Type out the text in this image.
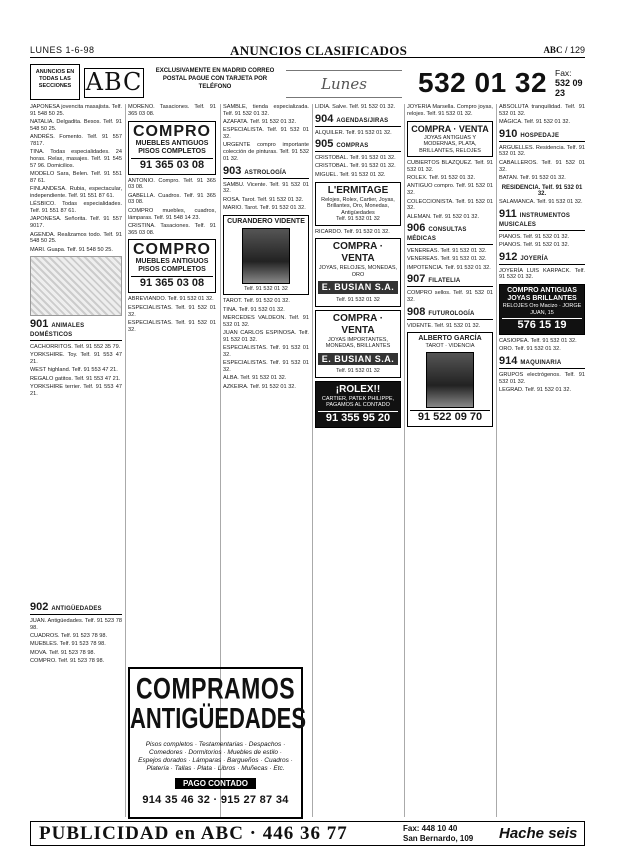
LUNES 1-6-98	ANUNCIOS CLASIFICADOS	ABC / 129
ANUNCIOS EN TODAS LAS SECCIONES ABC	EXCLUSIVAMENTE EN MADRID CORREO POSTAL PAGUE CON TARJETA POR TELÉFONO	Lunes	532 01 32 Fax:
532 09 23

JAPONESA jovencita masajista. Telf. 91 548 50 25.

NATALIA. Delgadita. Besos. Telf. 91 548 50 25.

ANDRÉS. Fomento. Telf. 91 557 7817.

TINA. Todas especialidades. 24 horas. Relax, masajes. Telf. 91 545 57 96. Domicilios.

MODELO Sara, Belen. Telf. 91 551 87 61.

FINLANDESA. Rubia, espectacular, independiente. Telf. 91 551 87 61.

LÉSBICO. Todas especialidades. Telf. 91 551 87 61.

JAPONESA. Señorita. Telf. 91 557 9017.

AGENDA. Realizamos todo. Telf. 91 548 50 25.

MARI. Guapa. Telf. 91 548 50 25.

901 ANIMALES DOMÉSTICOS

CACHORRITOS. Telf. 91 552 35 79.

YORKSHIRE. Toy. Telf. 91 553 47 21.

WEST highland. Telf. 91 553 47 21.

REGALO gatitos. Telf. 91 553 47 21.

YORKSHIRE terrier. Telf. 91 553 47 21.

902 ANTIGÜEDADES

JUAN. Antigüedades. Telf. 91 523 78 98.

CUADROS. Telf. 91 523 78 98.

MUEBLES. Telf. 91 523 78 98.

MOVA. Telf. 91 523 78 98.

COMPRO. Telf. 91 523 78 98.

MORENO. Tasaciones. Telf. 91 365 03 08.

COMPRO
MUEBLES ANTIGUOS
PISOS COMPLETOS
91 365 03 08

ANTONIO. Compro. Telf. 91 365 03 08.

GABELLA. Cuadros. Telf. 91 365 03 08.

COMPRO muebles, cuadros, lámparas. Telf. 91 548 14 23.

CRISTINA. Tasaciones. Telf. 91 365 03 08.

COMPRO
MUEBLES ANTIGUOS
PISOS COMPLETOS
91 365 03 08

ABREVIANDO. Telf. 91 532 01 32.

ESPECIALISTAS. Telf. 91 532 01 32.

ESPECIALISTAS. Telf. 91 532 01 32.

SAMBLE, tienda especializada. Telf. 91 532 01 32.

AZAFATA. Telf. 91 532 01 32.

ESPECIALISTA. Telf. 91 532 01 32.

URGENTE compro importante colección de pinturas. Telf. 91 532 01 32.

903 ASTROLOGÍA

SAMBU. Vicente. Telf. 91 532 01 32.

ROSA. Tarot. Telf. 91 532 01 32.

MARIO. Tarot. Telf. 91 532 01 32.

CURANDERO VIDENTE
Telf. 91 532 01 32

TAROT. Telf. 91 532 01 32.

TINA. Telf. 91 532 01 32.

MERCEDES VALDEON. Telf. 91 532 01 32.

JUAN CARLOS ESPINOSA. Telf. 91 532 01 32.

ESPECIALISTAS. Telf. 91 532 01 32.

ESPECIALISTAS. Telf. 91 532 01 32.

ALBA. Telf. 91 532 01 32.

AZKEIRA. Telf. 91 532 01 32.

COMPRAMOS
ANTIGÜEDADES
Pisos completos · Testamentarias · Despachos · Comedores · Dormitorios · Muebles de estilo · Espejos dorados · Lámparas · Bargueños · Cuadros · Platería · Tallas · Plata · Libros · Muñecas · Etc.
PAGO CONTADO
914 35 46 32 · 915 27 87 34

LIDIA. Salve. Telf. 91 532 01 32.

904 AGENDAS/JIRAS

ALQUILER. Telf. 91 532 01 32.

905 COMPRAS

CRISTOBAL. Telf. 91 532 01 32.

CRISTOBAL. Telf. 91 532 01 32.

MIGUEL. Telf. 91 532 01 32.

L'ERMITAGE
Relojes, Rolex, Cartier, Joyas, Brillantes, Oro, Monedas, Antigüedades
Telf. 91 532 01 32

RICARDO. Telf. 91 532 01 32.

COMPRA · VENTA
JOYAS, RELOJES, MONEDAS, ORO
E. BUSIAN S.A.
Telf. 91 532 01 32
COMPRA · VENTA
JOYAS IMPORTANTES, MONEDAS, BRILLANTES
E. BUSIAN S.A.
Telf. 91 532 01 32
¡ROLEX!!
CARTIER, PATEK PHILIPPE, PAGAMOS AL CONTADO
91 355 95 20

JOYERÍA Marsella. Compro joyas, relojes. Telf. 91 532 01 32.

COMPRA · VENTA
JOYAS ANTIGUAS Y MODERNAS, PLATA, BRILLANTES, RELOJES

CUBIERTOS BLAZQUEZ. Telf. 91 532 01 32.

ROLEX. Telf. 91 532 01 32.

ANTIGUO compro. Telf. 91 532 01 32.

COLECCIONISTA. Telf. 91 532 01 32.

ALEMAN. Telf. 91 532 01 32.

906 CONSULTAS MÉDICAS

VENEREAS. Telf. 91 532 01 32.

VENEREAS. Telf. 91 532 01 32.

IMPOTENCIA. Telf. 91 532 01 32.

907 FILATELIA

COMPRO sellos. Telf. 91 532 01 32.

908 FUTUROLOGÍA

VIDENTE. Telf. 91 532 01 32.

ALBERTO GARCÍA
TAROT · VIDENCIA
91 522 09 70

ABSOLUTA tranquilidad. Telf. 91 532 01 32.

MÁGICA. Telf. 91 532 01 32.

910 HOSPEDAJE

ARGUELLES. Residencia. Telf. 91 532 01 32.

CABALLEROS. Telf. 91 532 01 32.

BATAN. Telf. 91 532 01 32.

RESIDENCIA. Telf. 91 532 01 32.

SALAMANCA. Telf. 91 532 01 32.

911 INSTRUMENTOS MUSICALES

PIANOS. Telf. 91 532 01 32.

PIANOS. Telf. 91 532 01 32.

912 JOYERÍA

JOYERÍA LUIS KARPACK. Telf. 91 532 01 32.

COMPRO ANTIGUAS JOYAS BRILLANTES
RELOJES Oro Macizo · JORGE JUAN, 15
576 15 19

CASIOPEA. Telf. 91 532 01 32.

ORO. Telf. 91 532 01 32.

914 MAQUINARIA

GRUPOS electrógenos. Telf. 91 532 01 32.

LEGRAD. Telf. 91 532 01 32.

PUBLICIDAD en ABC · 446 36 77	Fax: 448 10 40
San Bernardo, 109 Hache seis
